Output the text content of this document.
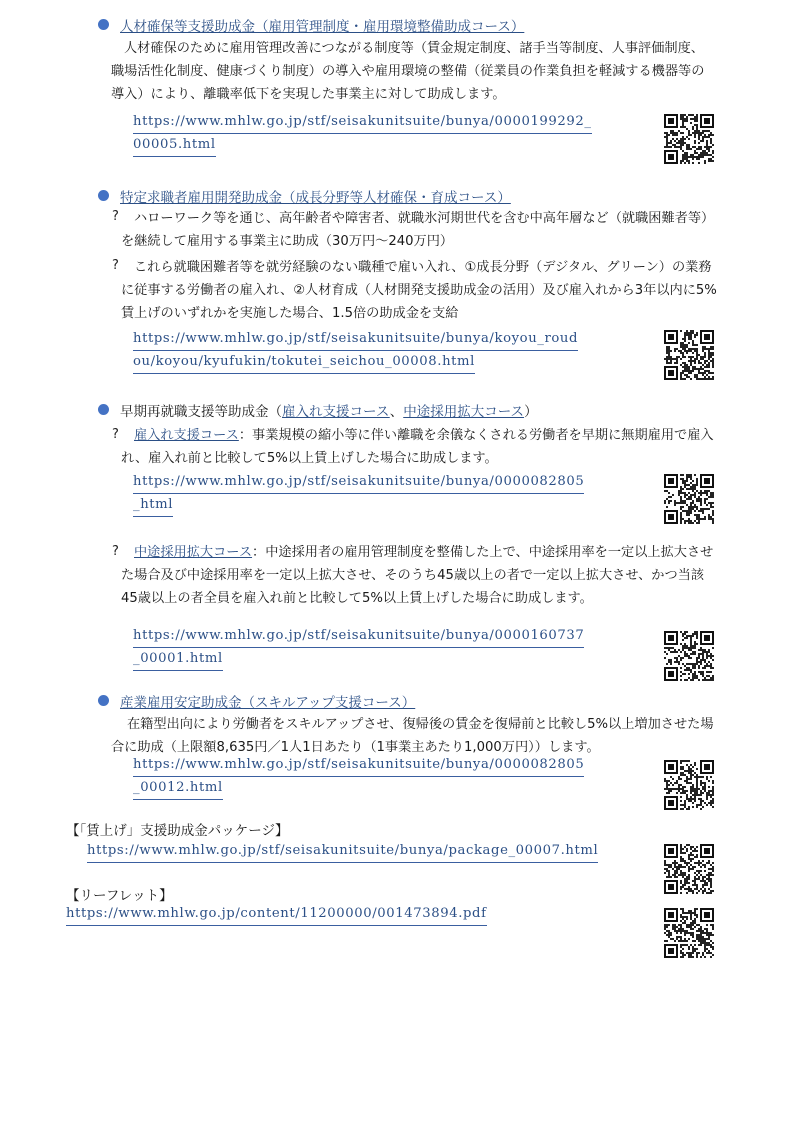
人材確保等支援助成金（雇用管理制度・雇用環境整備助成コース）
人材確保のために雇用管理改善につながる制度等（賃金規定制度、諸手当等制度、人事評価制度、職場活性化制度、健康づくり制度）の導入や雇用環境の整備（従業員の作業負担を軽減する機器等の導入）により、離職率低下を実現した事業主に対して助成します。
https://www.mhlw.go.jp/stf/seisakunitsuite/bunya/0000199292_
00005.html
特定求職者雇用開発助成金（成長分野等人材確保・育成コース）
?	ハローワーク等を通じ、高年齢者や障害者、就職氷河期世代を含む中高年層など（就職困難者等）を継続して雇用する事業主に助成（30万円～240万円）
?	これら就職困難者等を就労経験のない職種で雇い入れ、①成長分野（デジタル、グリーン）の業務に従事する労働者の雇入れ、②人材育成（人材開発支援助成金の活用）及び雇入れから3年以内に5%賃上げのいずれかを実施した場合、1.5倍の助成金を支給
https://www.mhlw.go.jp/stf/seisakunitsuite/bunya/koyou_roud
ou/koyou/kyufukin/tokutei_seichou_00008.html
早期再就職支援等助成金（雇入れ支援コース、中途採用拡大コース）
?	雇入れ支援コース：事業規模の縮小等に伴い離職を余儀なくされる労働者を早期に無期雇用で雇入れ、雇入れ前と比較して5%以上賃上げした場合に助成します。
https://www.mhlw.go.jp/stf/seisakunitsuite/bunya/0000082805
_html
?	中途採用拡大コース：中途採用者の雇用管理制度を整備した上で、中途採用率を一定以上拡大させた場合及び中途採用率を一定以上拡大させ、そのうち45歳以上の者で一定以上拡大させ、かつ当該45歳以上の者全員を雇入れ前と比較して5%以上賃上げした場合に助成します。
https://www.mhlw.go.jp/stf/seisakunitsuite/bunya/0000160737
_00001.html
産業雇用安定助成金（スキルアップ支援コース）
在籍型出向により労働者をスキルアップさせ、復帰後の賃金を復帰前と比較し5%以上増加させた場合に助成（上限額8,635円／1人1日あたり（1事業主あたり1,000万円））します。
https://www.mhlw.go.jp/stf/seisakunitsuite/bunya/0000082805
_00012.html
【「賃上げ」支援助成金パッケージ】
https://www.mhlw.go.jp/stf/seisakunitsuite/bunya/package_00007.html
【リーフレット】
https://www.mhlw.go.jp/content/11200000/001473894.pdf
